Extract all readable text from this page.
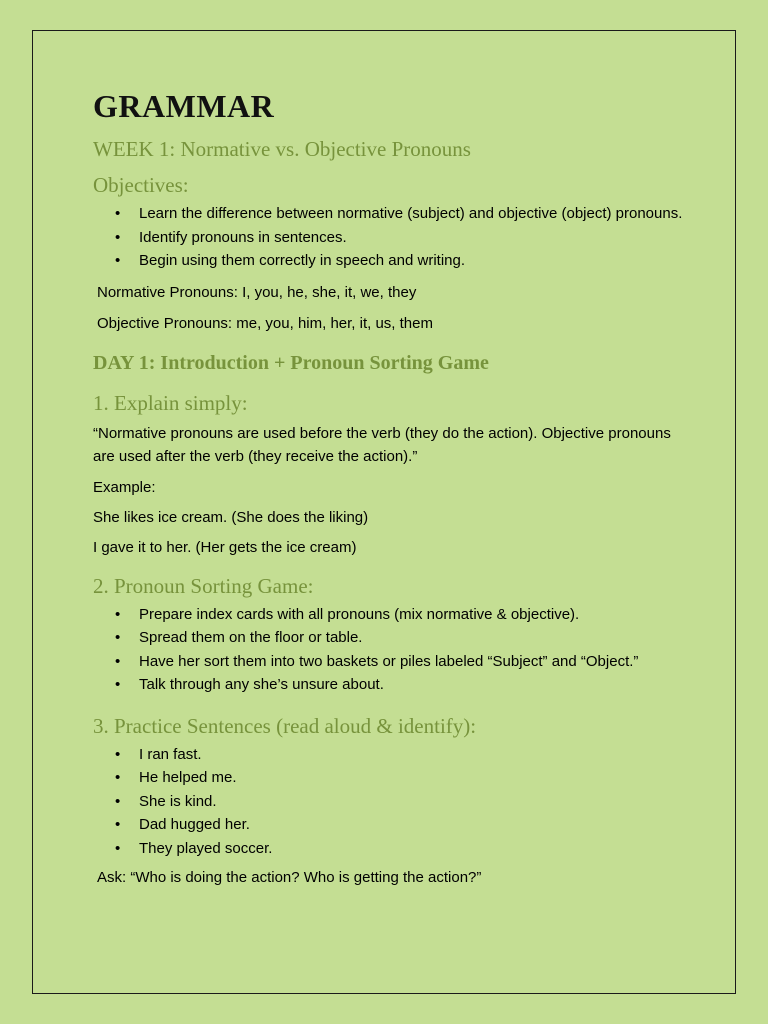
GRAMMAR
WEEK 1: Normative vs. Objective Pronouns
Objectives:
• Learn the difference between normative (subject) and objective (object) pronouns.
• Identify pronouns in sentences.
• Begin using them correctly in speech and writing.

Normative Pronouns: I, you, he, she, it, we, they

Objective Pronouns: me, you, him, her, it, us, them

DAY 1: Introduction + Pronoun Sorting Game
1. Explain simply:

“Normative pronouns are used before the verb (they do the action). Objective pronouns are used after the verb (they receive the action).”

Example:

She likes ice cream. (She does the liking)

I gave it to her. (Her gets the ice cream)

2. Pronoun Sorting Game:
• Prepare index cards with all pronouns (mix normative & objective).
• Spread them on the floor or table.
• Have her sort them into two baskets or piles labeled “Subject” and “Object.”
• Talk through any she’s unsure about.
3. Practice Sentences (read aloud & identify):
• I ran fast.
• He helped me.
• She is kind.
• Dad hugged her.
• They played soccer.

Ask: “Who is doing the action? Who is getting the action?”
